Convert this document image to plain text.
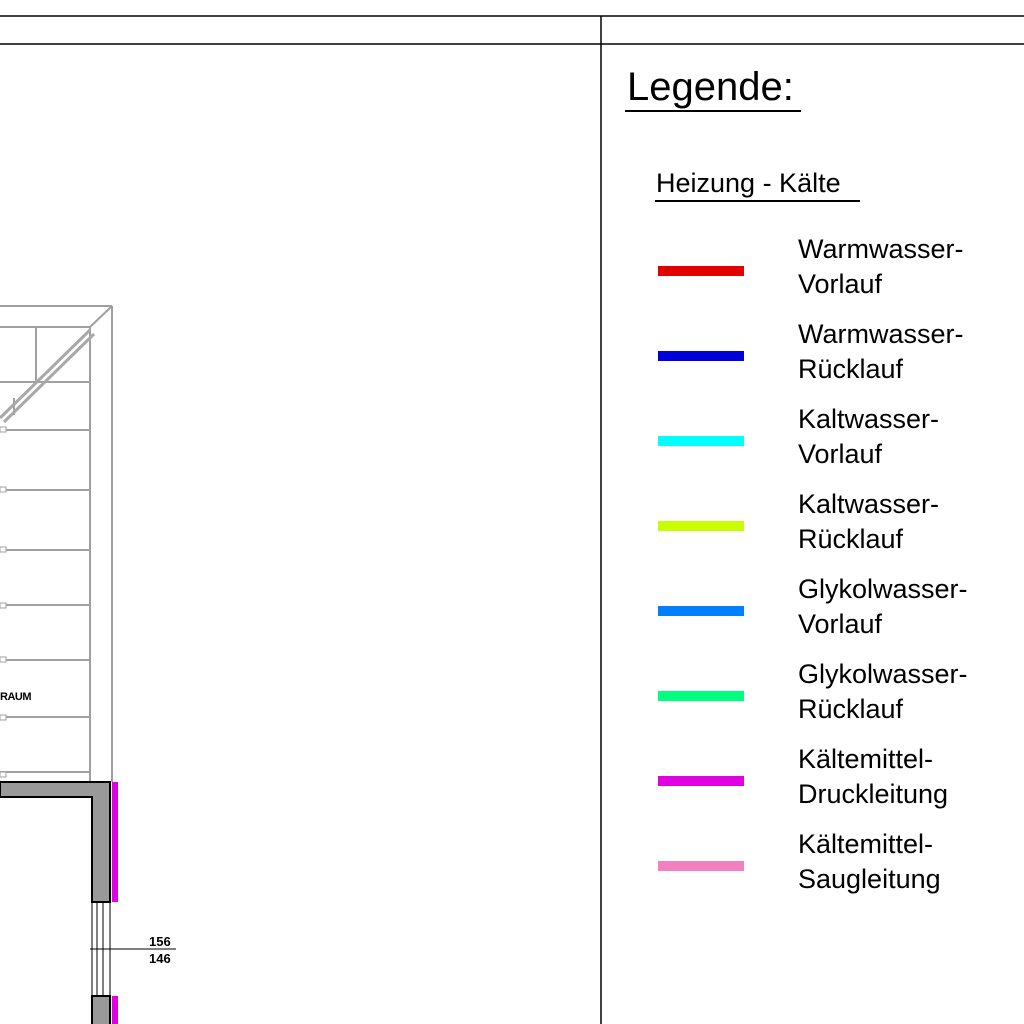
RAUM
156
146
Legende:
Heizung - Kälte
Warmwasser-
Vorlauf
Warmwasser-
Rücklauf
Kaltwasser-
Vorlauf
Kaltwasser-
Rücklauf
Glykolwasser-
Vorlauf
Glykolwasser-
Rücklauf
Kältemittel-
Druckleitung
Kältemittel-
Saugleitung
